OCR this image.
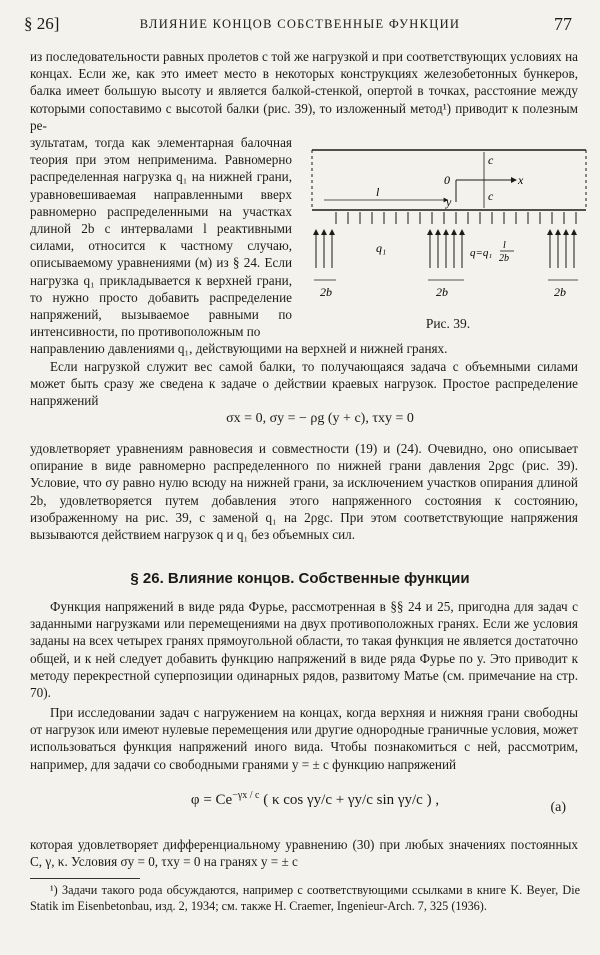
§ 26]	ВЛИЯНИЕ КОНЦОВ СОБСТВЕННЫЕ ФУНКЦИИ	77
из последовательности равных пролетов с той же нагрузкой и при соответствующих условиях на концах. Если же, как это имеет место в некоторых конструкциях железобетонных бункеров, балка имеет большую высоту и является балкой-стенкой, опертой в точках, расстояние между которыми сопоставимо с высотой балки (рис. 39), то изложенный метод¹) приводит к полезным ре-
зультатам, тогда как элементарная балочная теория при этом неприменима. Равномерно распределенная нагрузка q₁ на нижней грани, уравновешиваемая направленными вверх равномерно распределенными на участках длиной 2b с интервалами l реактивными силами, относится к частному случаю, описываемому уравнениями (м) из § 24. Если нагрузка q₁ прикладывается к верхней грани, то нужно просто добавить распределение напряжений, вызываемое равными по интенсивности, по противоположным по
направлению давлениями q₁, действующими на верхней и нижней гранях.
Если нагрузкой служит вес самой балки, то получающаяся задача с объемными силами может быть сразу же сведена к задаче о действии краевых нагрузок. Простое распределение напряжений
σx = 0, σy = − ρg (y + c), τxy = 0
удовлетворяет уравнениям равновесия и совместности (19) и (24). Очевидно, оно описывает опирание в виде равномерно распределенного по нижней грани давления 2ρgc (рис. 39). Условие, что σy равно нулю всюду на нижней грани, за исключением участков опирания длиной 2b, удовлетворяется путем добавления этого напряженного состояния к состоянию, изображенному на рис. 39, с заменой q₁ на 2ρgc. При этом соответствующие напряжения вызываются действием нагрузок q и q₁ без объемных сил.
c
c
0	x
y
l
q₁	q=q₁
l
2b
2b	2b	2b
Рис. 39.
§ 26. Влияние концов. Собственные функции
Функция напряжений в виде ряда Фурье, рассмотренная в §§ 24 и 25, пригодна для задач с заданными нагрузками или перемещениями на двух противоположных гранях. Если же условия заданы на всех четырех гранях прямоугольной области, то такая функция не является достаточно общей, и к ней следует добавить функцию напряжений в виде ряда Фурье по y. Это приводит к методу перекрестной суперпозиции одинарных рядов, развитому Матье (см. примечание на стр. 70).
При исследовании задач с нагружением на концах, когда верхняя и нижняя грани свободны от нагрузок или имеют нулевые перемещения или другие однородные граничные условия, может использоваться функция напряжений иного вида. Чтобы познакомиться с ней, рассмотрим, например, для задачи со свободными гранями y = ± c функцию напряжений
$\varphi = Ce^{-\gamma x / c}$ ( κ cos γy/c + γy/c sin γy/c ) ,	(a)
которая удовлетворяет дифференциальному уравнению (30) при любых значениях постоянных C, γ, κ. Условия σy = 0, τxy = 0 на гранях y = ± c
¹) Задачи такого рода обсуждаются, например с соответствующими ссылками в книге K. Beyer, Die Statik im Eisenbetonbau, изд. 2, 1934; см. также H. Craemer, Ingenieur-Arch. 7, 325 (1936).
